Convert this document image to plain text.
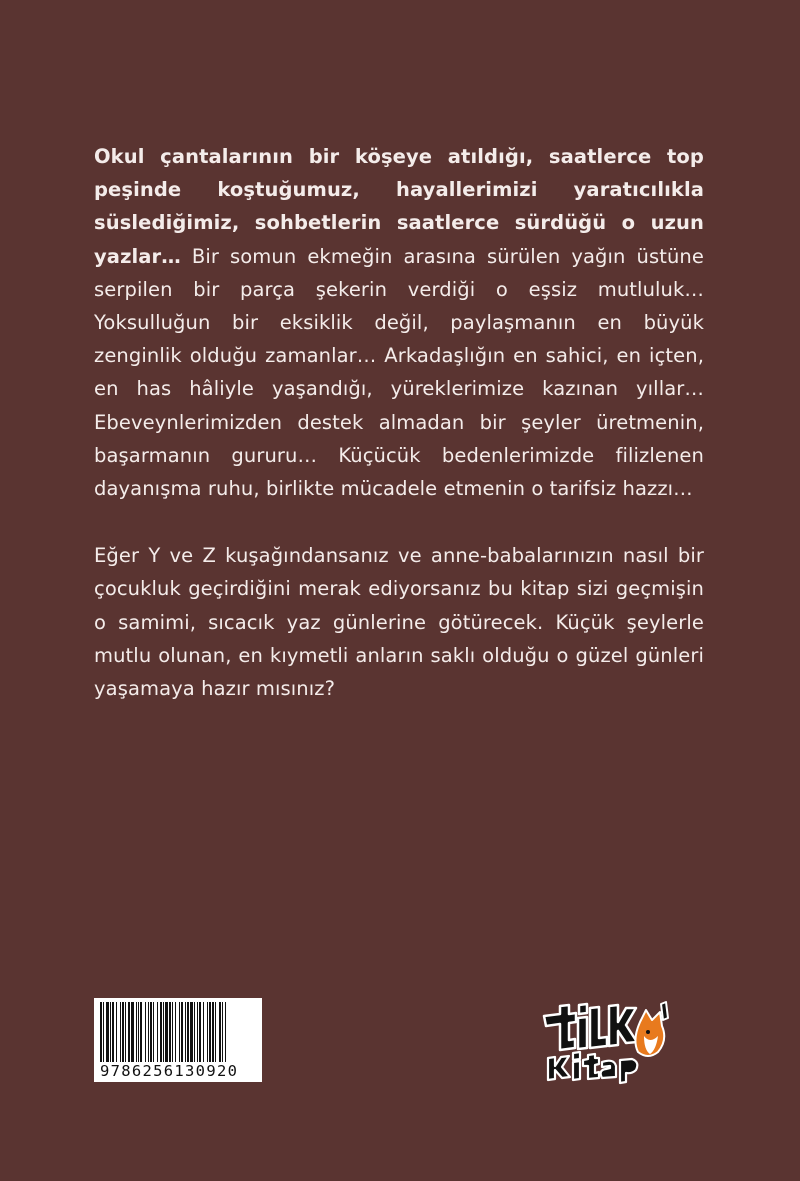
Okul çantalarının bir köşeye atıldığı, saatlerce top peşinde koştuğumuz, hayallerimizi yaratıcılıkla süslediğimiz, sohbetlerin saatlerce sürdüğü o uzun yazlar… Bir somun ekmeğin arasına sürülen yağın üstüne serpilen bir parça şekerin verdiği o eşsiz mutluluk… Yoksulluğun bir eksiklik değil, paylaşmanın en büyük zenginlik olduğu zamanlar… Arkadaşlığın en sahici, en içten, en has hâliyle yaşandığı, yüreklerimize kazınan yıllar… Ebeveynlerimizden destek almadan bir şeyler üretmenin, başarmanın gururu… Küçücük bedenlerimizde filizlenen dayanışma ruhu, birlikte mücadele etmenin o tarifsiz hazzı…

Eğer Y ve Z kuşağındansanız ve anne-babalarınızın nasıl bir çocukluk geçirdiğini merak ediyorsanız bu kitap sizi geçmişin o samimi, sıcacık yaz günlerine götürecek. Küçük şeylerle mutlu olunan, en kıymetli anların saklı olduğu o güzel günleri yaşamaya hazır mısınız?

9786256130920
